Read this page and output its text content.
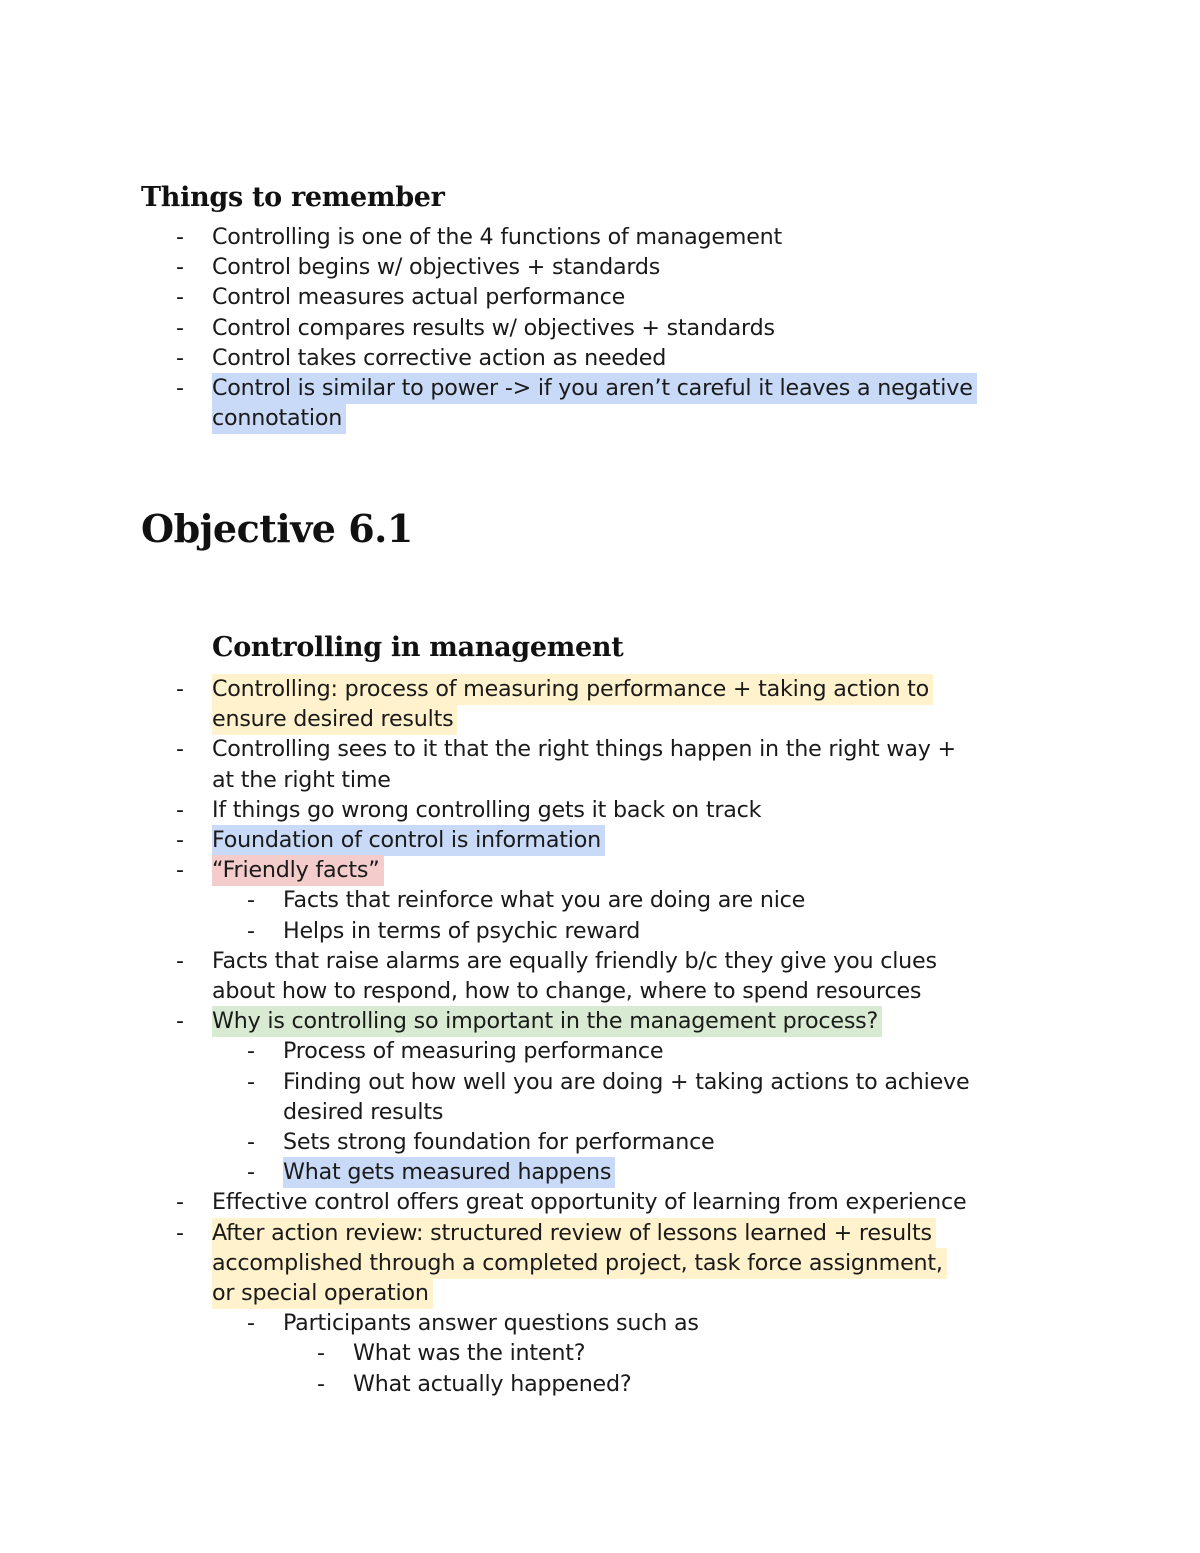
Things to remember
- Controlling is one of the 4 functions of management
- Control begins w/ objectives + standards
- Control measures actual performance
- Control compares results w/ objectives + standards
- Control takes corrective action as needed
- Control is similar to power -> if you aren’t careful it leaves a negative
connotation
Objective 6.1
Controlling in management
- Controlling: process of measuring performance + taking action to
ensure desired results
- Controlling sees to it that the right things happen in the right way +
at the right time
- If things go wrong controlling gets it back on track
- Foundation of control is information
- “Friendly facts”
- Facts that reinforce what you are doing are nice
- Helps in terms of psychic reward
- Facts that raise alarms are equally friendly b/c they give you clues
about how to respond, how to change, where to spend resources
- Why is controlling so important in the management process?
- Process of measuring performance
- Finding out how well you are doing + taking actions to achieve
desired results
- Sets strong foundation for performance
- What gets measured happens
- Effective control offers great opportunity of learning from experience
- After action review: structured review of lessons learned + results
accomplished through a completed project, task force assignment,
or special operation
- Participants answer questions such as
- What was the intent?
- What actually happened?
